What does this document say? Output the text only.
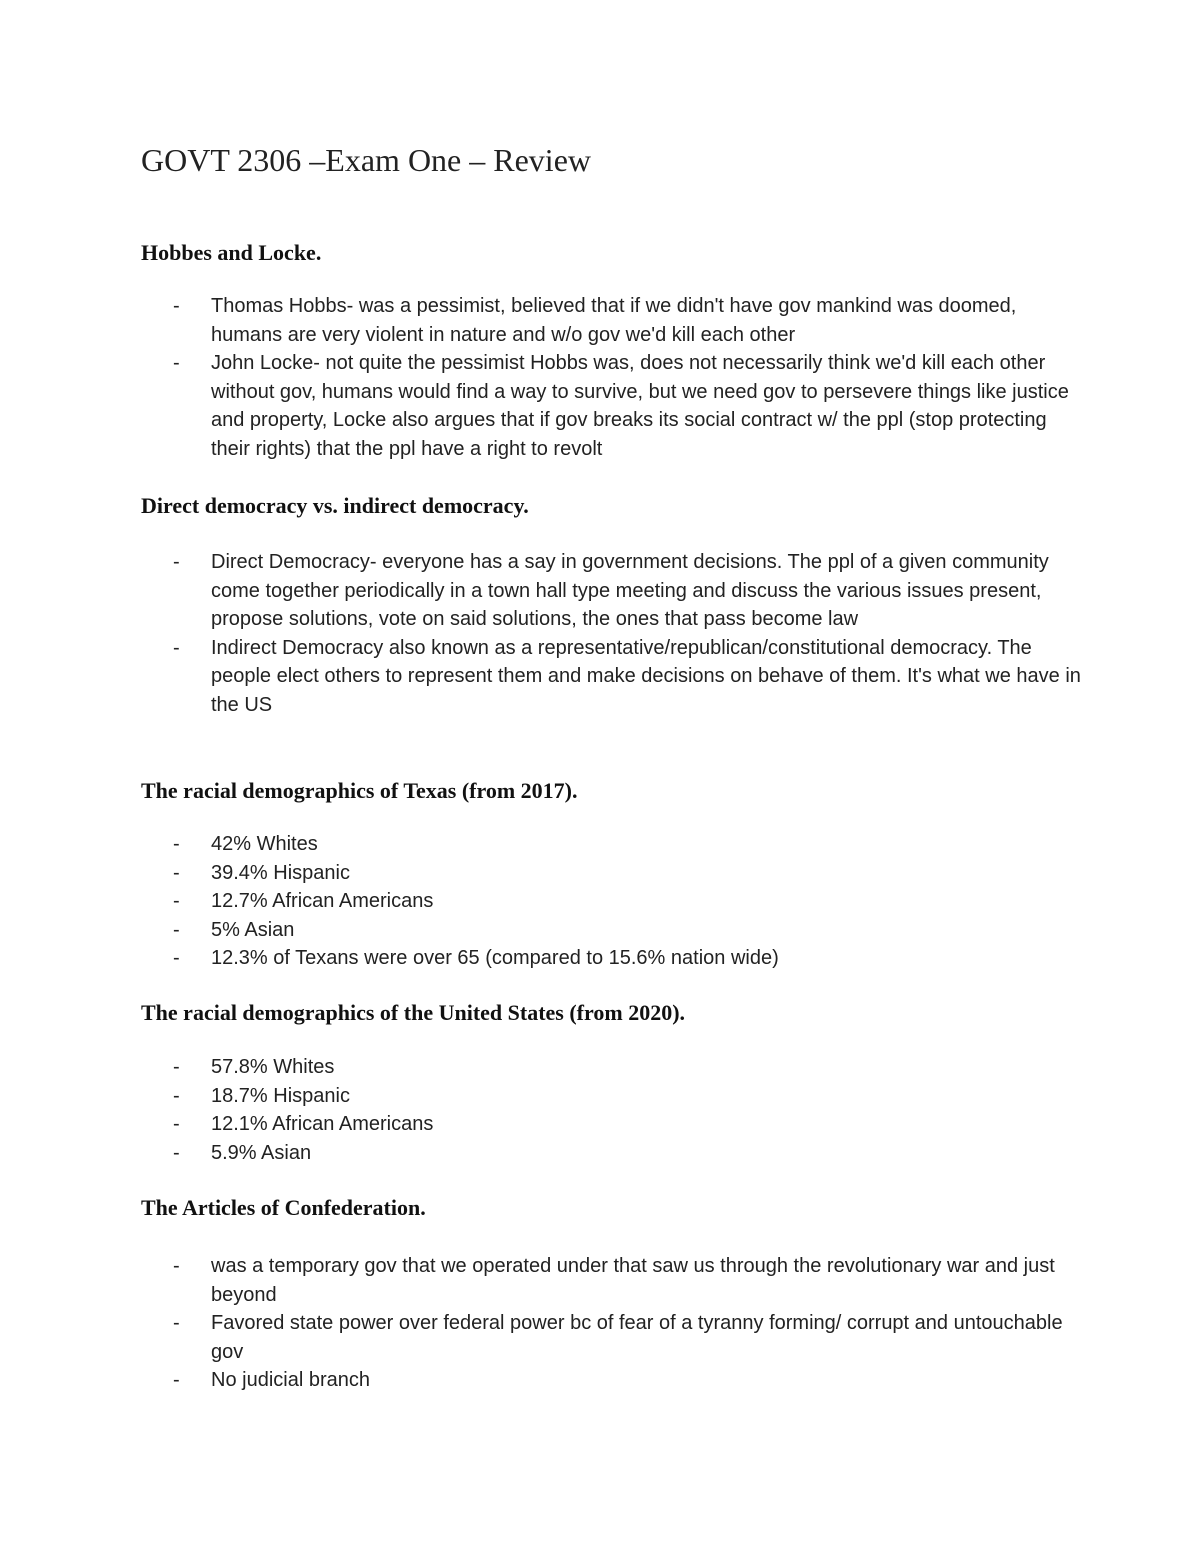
GOVT 2306 –Exam One – Review
Hobbes and Locke.
- Thomas Hobbs- was a pessimist, believed that if we didn't have gov mankind was doomed, humans are very violent in nature and w/o gov we'd kill each other
- John Locke- not quite the pessimist Hobbs was, does not necessarily think we'd kill each other without gov, humans would find a way to survive, but we need gov to persevere things like justice and property, Locke also argues that if gov breaks its social contract w/ the ppl (stop protecting their rights) that the ppl have a right to revolt
Direct democracy vs. indirect democracy.
- Direct Democracy- everyone has a say in government decisions. The ppl of a given community come together periodically in a town hall type meeting and discuss the various issues present, propose solutions, vote on said solutions, the ones that pass become law
- Indirect Democracy also known as a representative/republican/constitutional democracy. The people elect others to represent them and make decisions on behave of them. It's what we have in the US
The racial demographics of Texas (from 2017).
- 42% Whites
- 39.4% Hispanic
- 12.7% African Americans
- 5% Asian
- 12.3% of Texans were over 65 (compared to 15.6% nation wide)
The racial demographics of the United States (from 2020).
- 57.8% Whites
- 18.7% Hispanic
- 12.1% African Americans
- 5.9% Asian
The Articles of Confederation.
- was a temporary gov that we operated under that saw us through the revolutionary war and just beyond
- Favored state power over federal power bc of fear of a tyranny forming/ corrupt and untouchable gov
- No judicial branch
